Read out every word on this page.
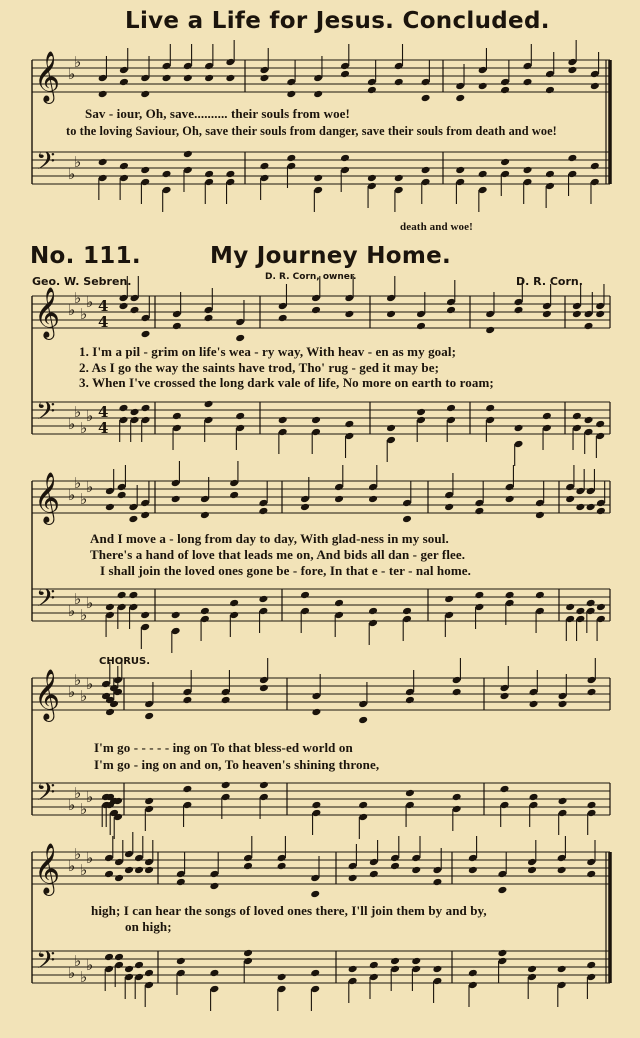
𝄞
𝄢
♭
♭
♭
♭
𝄞
𝄢
♭
♭
♭
♭
♭
♭
♭
♭
4
4
4
4
𝄞
𝄢
♭
♭
♭
♭
♭
♭
♭
♭
𝄞
𝄢
♭
♭
♭
♭
♭
♭
♭
♭
𝄞
𝄢
♭
♭
♭
♭
♭
♭
♭
♭
Live a Life for Jesus. Concluded.
Sav - iour, Oh, save.......... their souls from woe!
to the loving Saviour, Oh, save their souls from danger, save their souls from death and woe!
death and woe!
No. 111.	My Journey Home.
Geo. W. Sebren.	D. R. Corn, owner.	D. R. Corn.
1. I'm a pil - grim on life's wea - ry way, With heav - en as my goal;
2. As I go the way the saints have trod, Tho' rug - ged it may be;
3. When I've crossed the long dark vale of life, No more on earth to roam;
And I move a - long from day to day, With glad-ness in my soul.
There's a hand of love that leads me on, And bids all dan - ger flee.
I shall join the loved ones gone be - fore, In that e - ter - nal home.
CHORUS.
I'm go - - - - - ing on To that bless-ed world on
I'm go - ing on and on, To heaven's shining throne,
high; I can hear the songs of loved ones there, I'll join them by and by,
on high;
